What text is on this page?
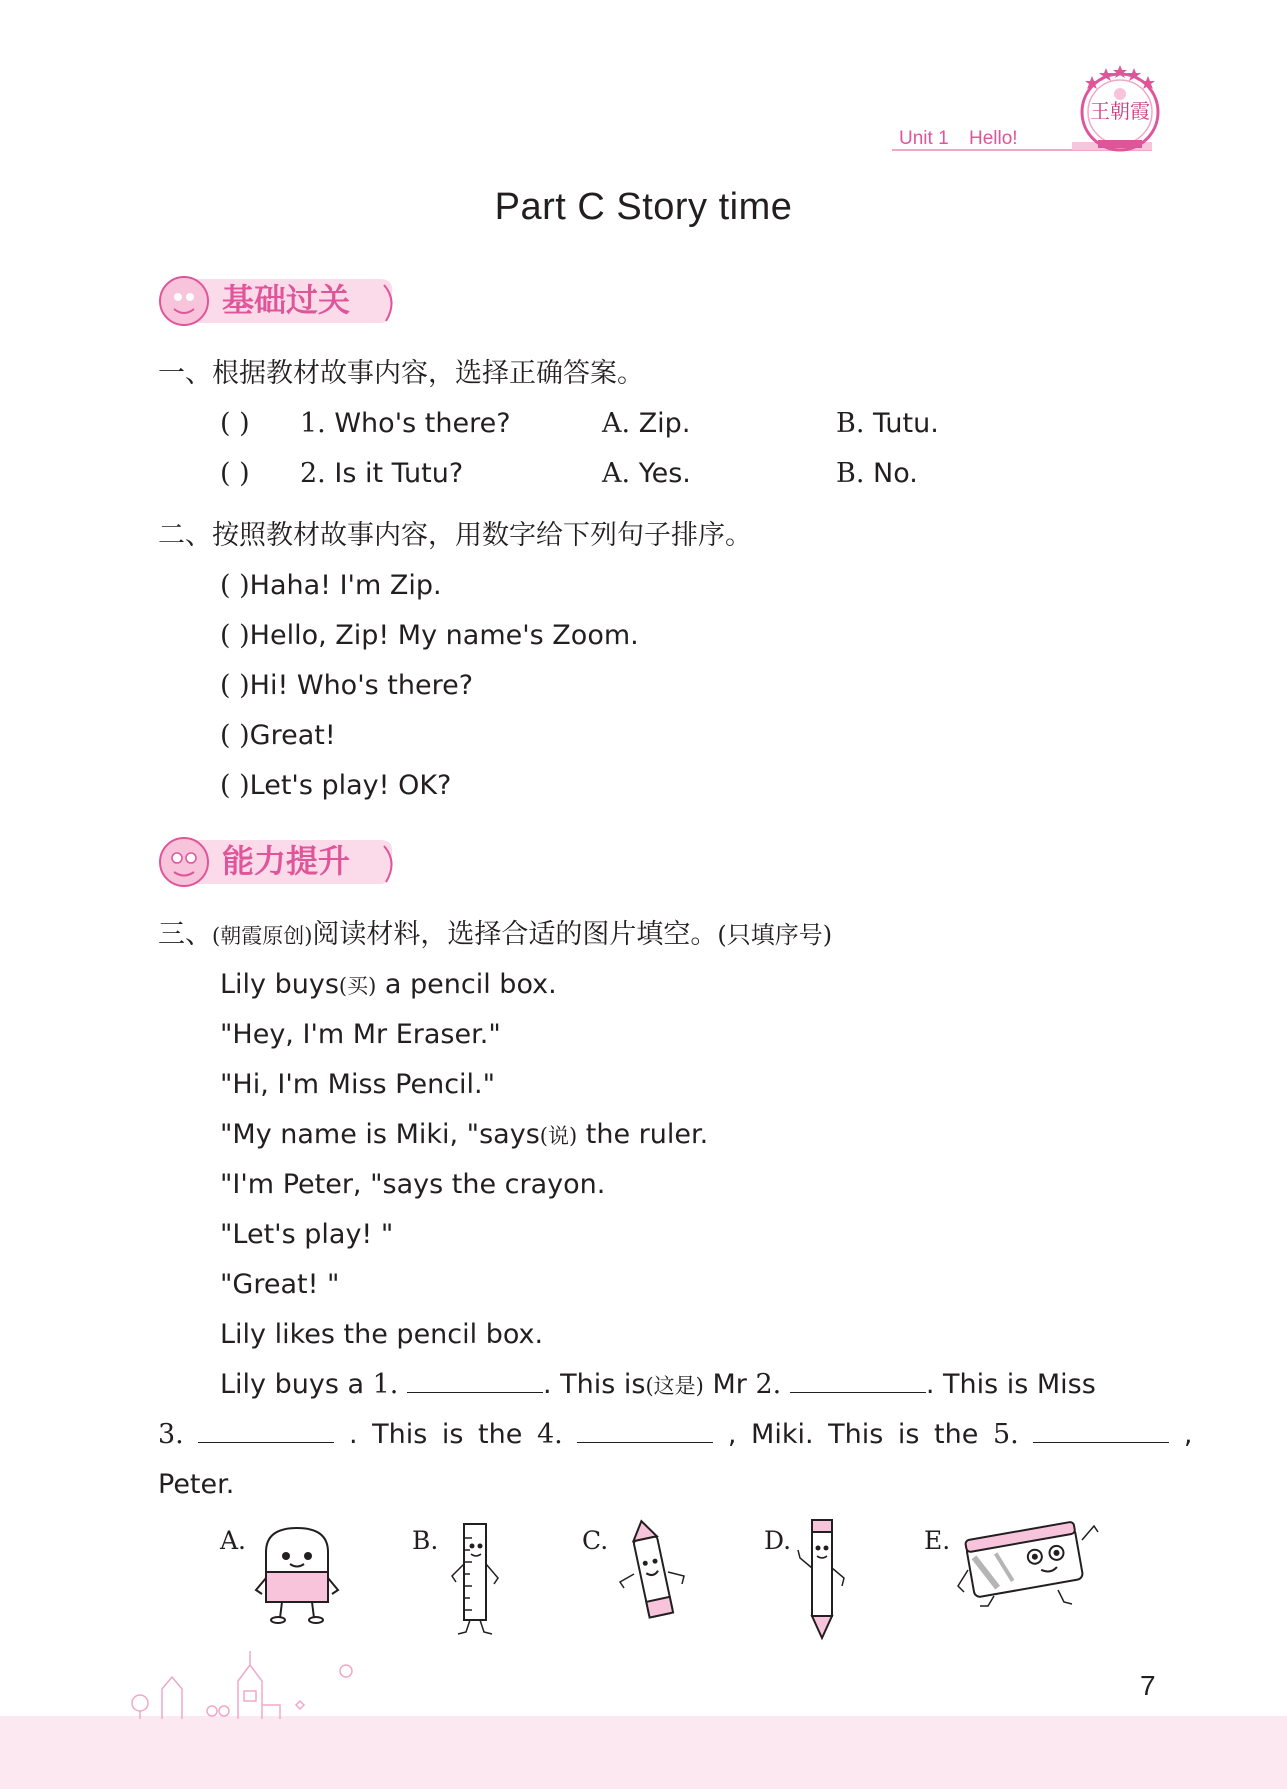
Unit 1 Hello!
王朝霞
Part C Story time
基础过关
一、根据教材故事内容，选择正确答案。
( ) 1. Who's there?	A. Zip.	B. Tutu.
( ) 2. Is it Tutu?	A. Yes.	B. No.
二、按照教材故事内容，用数字给下列句子排序。
( )Haha! I'm Zip.
( )Hello, Zip! My name's Zoom.
( )Hi! Who's there?
( )Great!
( )Let's play! OK?
能力提升
三、(朝霞原创)阅读材料，选择合适的图片填空。(只填序号)
Lily buys(买) a pencil box.
"Hey, I'm Mr Eraser."
"Hi, I'm Miss Pencil."
"My name is Miki, "says(说) the ruler.
"I'm Peter, "says the crayon.
"Let's play! "
"Great! "
Lily likes the pencil box.
Lily buys a 1.	. This is(这是) Mr 2.	. This is Miss
3.	. This is the 4.	, Miki. This is the 5.	,
Peter.
A.	B.	C.	D.	E.
7
